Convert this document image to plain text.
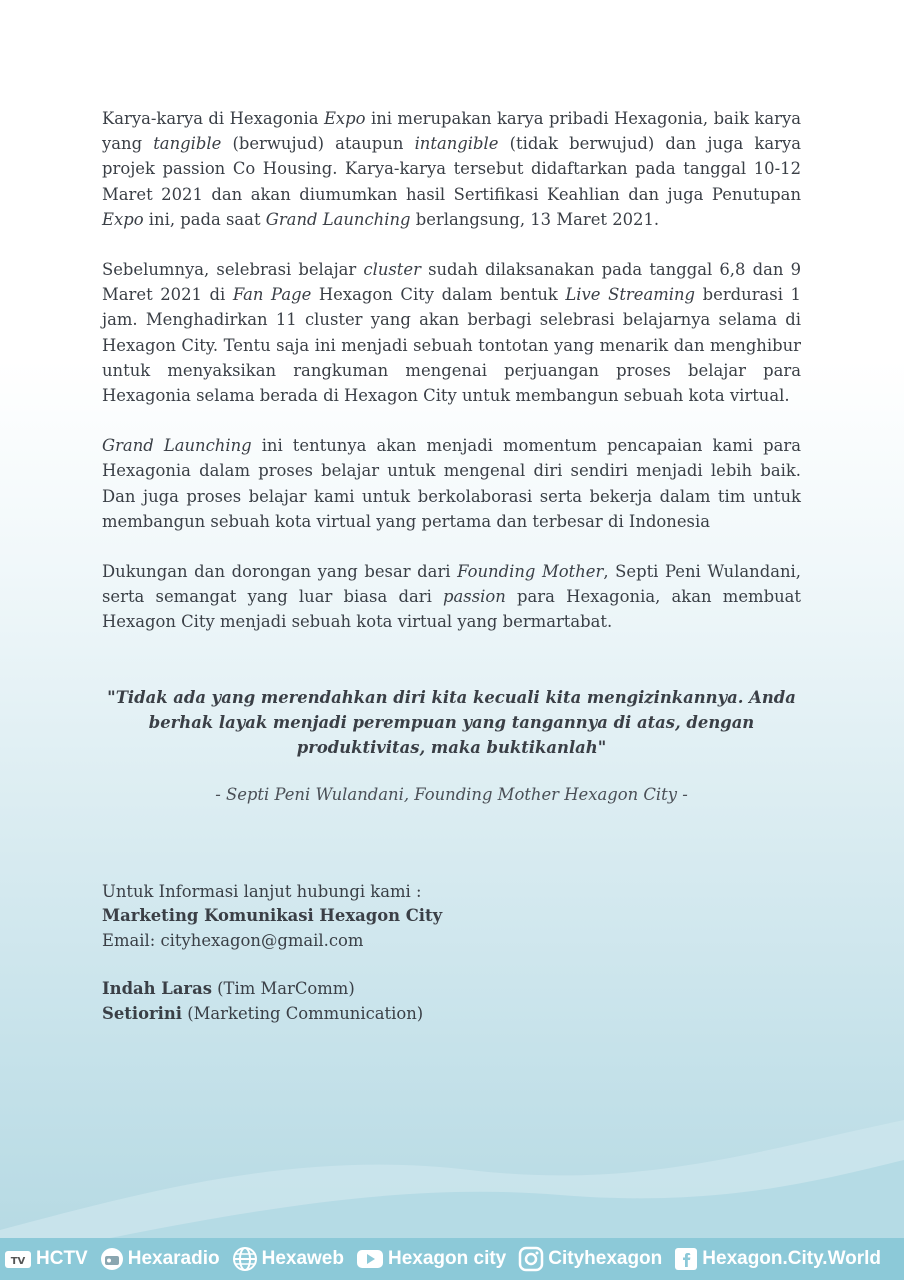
Karya-karya di Hexagonia Expo ini merupakan karya pribadi Hexagonia, baik karya yang tangible (berwujud) ataupun intangible (tidak berwujud) dan juga karya projek passion Co Housing. Karya-karya tersebut didaftarkan pada tanggal 10-12 Maret 2021 dan akan diumumkan hasil Sertifikasi Keahlian dan juga Penutupan Expo ini, pada saat Grand Launching berlangsung, 13 Maret 2021.

Sebelumnya, selebrasi belajar cluster sudah dilaksanakan pada tanggal 6,8 dan 9 Maret 2021 di Fan Page Hexagon City dalam bentuk Live Streaming berdurasi 1 jam. Menghadirkan 11 cluster yang akan berbagi selebrasi belajarnya selama di Hexagon City. Tentu saja ini menjadi sebuah tontotan yang menarik dan menghibur untuk menyaksikan rangkuman mengenai perjuangan proses belajar para Hexagonia selama berada di Hexagon City untuk membangun sebuah kota virtual.

Grand Launching ini tentunya akan menjadi momentum pencapaian kami para Hexagonia dalam proses belajar untuk mengenal diri sendiri menjadi lebih baik. Dan juga proses belajar kami untuk berkolaborasi serta bekerja dalam tim untuk membangun sebuah kota virtual yang pertama dan terbesar di Indonesia

Dukungan dan dorongan yang besar dari Founding Mother, Septi Peni Wulandani, serta semangat yang luar biasa dari passion para Hexagonia, akan membuat Hexagon City menjadi sebuah kota virtual yang bermartabat.

"Tidak ada yang merendahkan diri kita kecuali kita mengizinkannya. Anda berhak layak menjadi perempuan yang tangannya di atas, dengan produktivitas, maka buktikanlah"
- Septi Peni Wulandani, Founding Mother Hexagon City -
Untuk Informasi lanjut hubungi kami :
Marketing Komunikasi Hexagon City
Email: cityhexagon@gmail.com
Indah Laras (Tim MarComm)
Setiorini (Marketing Communication)
TV HCTV Hexaradio Hexaweb Hexagon city Cityhexagon Hexagon.City.World
